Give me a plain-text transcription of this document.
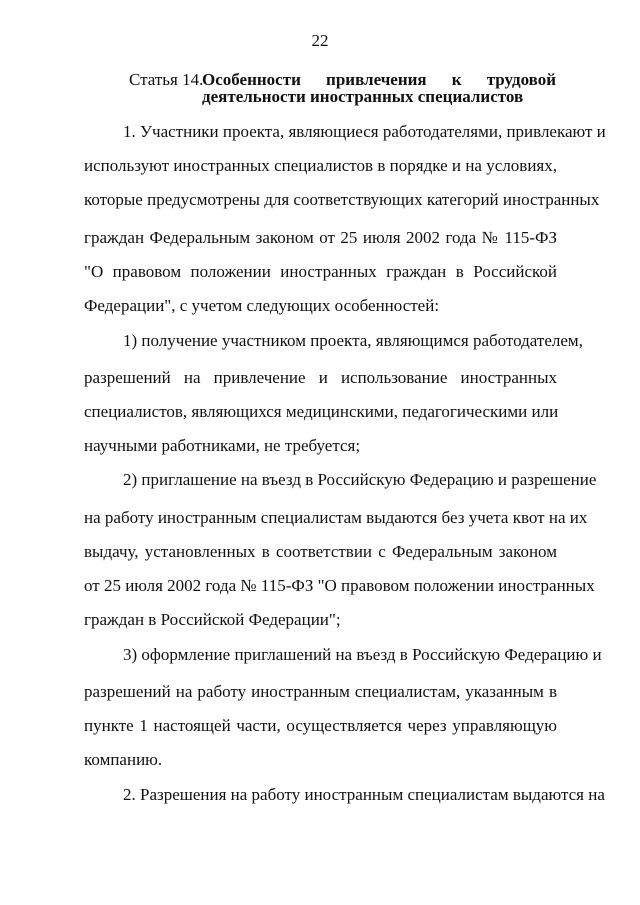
22
Статья 14.
Особенности привлечения к трудовой
деятельности иностранных специалистов
1. Участники проекта, являющиеся работодателями, привлекают и
используют иностранных специалистов в порядке и на условиях,
которые предусмотрены для соответствующих категорий иностранных
граждан Федеральным законом от 25 июля 2002 года № 115-ФЗ
"О правовом положении иностранных граждан в Российской
Федерации", с учетом следующих особенностей:
1) получение участником проекта, являющимся работодателем,
разрешений на привлечение и использование иностранных
специалистов, являющихся медицинскими, педагогическими или
научными работниками, не требуется;
2) приглашение на въезд в Российскую Федерацию и разрешение
на работу иностранным специалистам выдаются без учета квот на их
выдачу, установленных в соответствии с Федеральным законом
от 25 июля 2002 года № 115-ФЗ "О правовом положении иностранных
граждан в Российской Федерации";
3) оформление приглашений на въезд в Российскую Федерацию и
разрешений на работу иностранным специалистам, указанным в
пункте 1 настоящей части, осуществляется через управляющую
компанию.
2. Разрешения на работу иностранным специалистам выдаются на
